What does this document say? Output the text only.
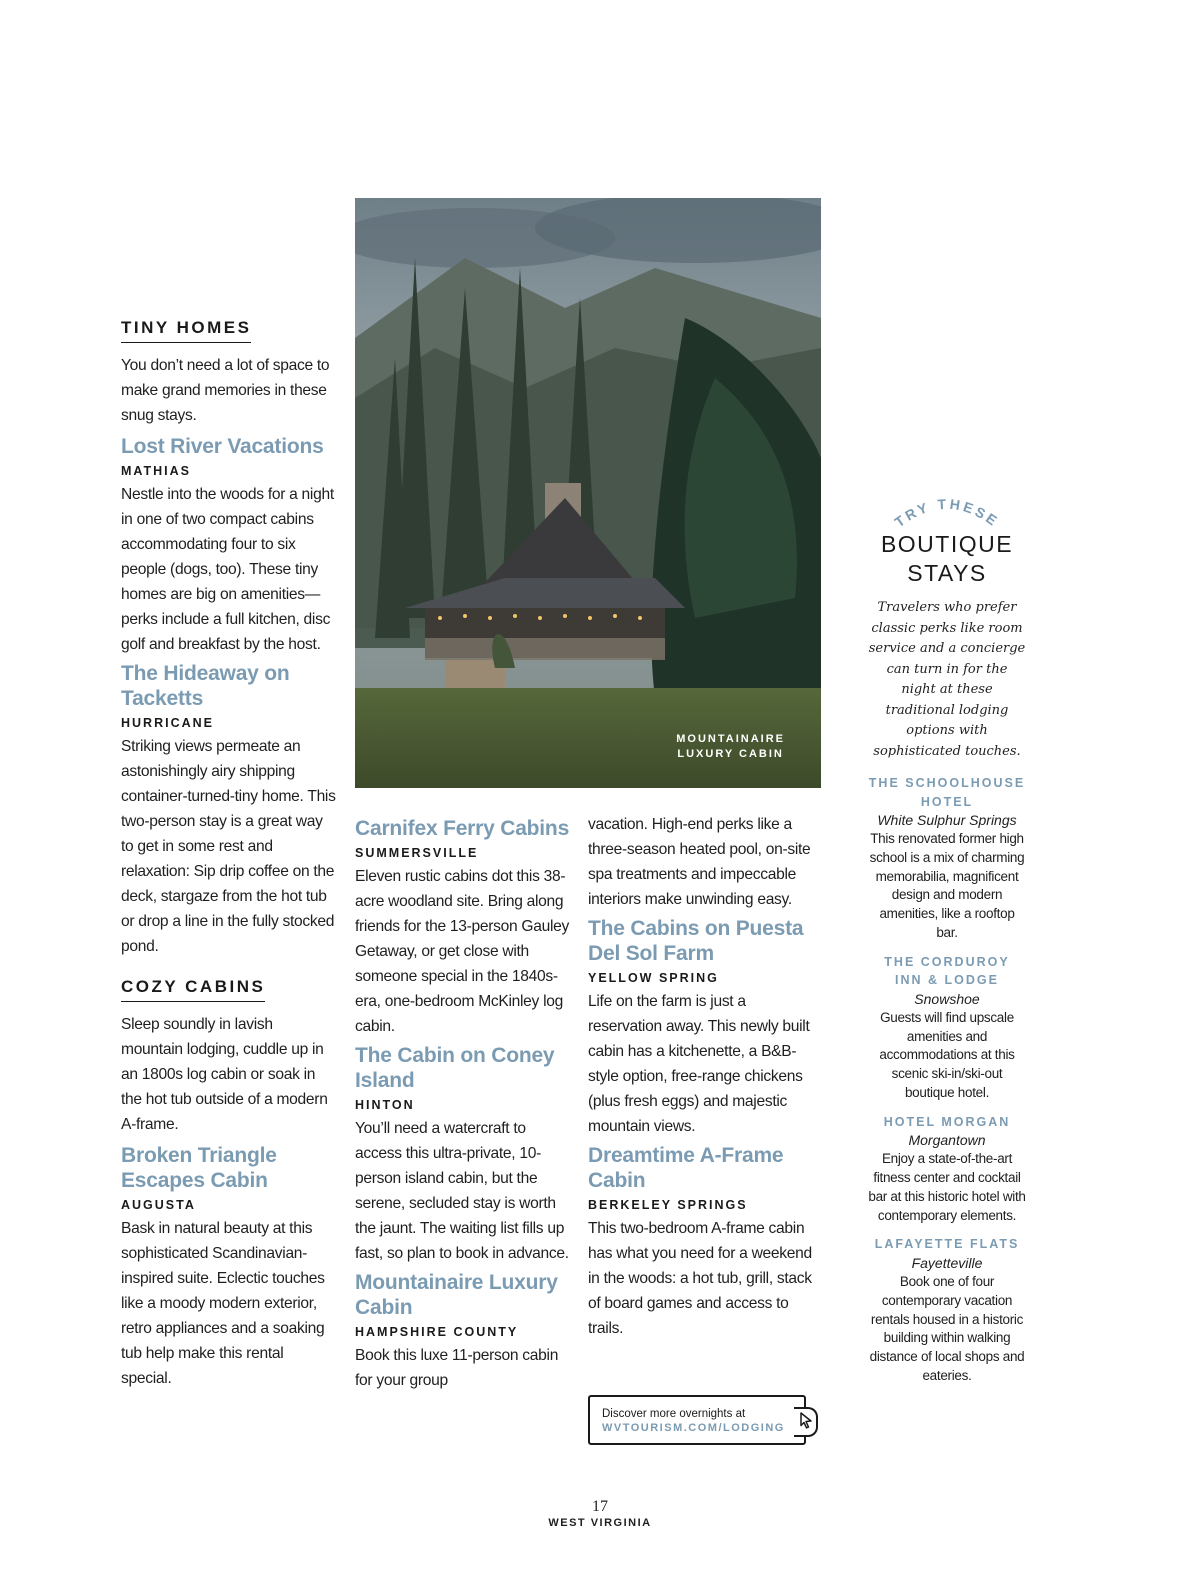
TINY HOMES

You don’t need a lot of space to make grand memories in these snug stays.

Lost River Vacations
MATHIAS

Nestle into the woods for a night in one of two compact cabins accommodating four to six people (dogs, too). These tiny homes are big on amenities—perks include a full kitchen, disc golf and breakfast by the host.

The Hideaway on Tacketts
HURRICANE

Striking views permeate an astonishingly airy shipping container-turned-tiny home. This two-person stay is a great way to get in some rest and relaxation: Sip drip coffee on the deck, stargaze from the hot tub or drop a line in the fully stocked pond.

COZY CABINS

Sleep soundly in lavish mountain lodging, cuddle up in an 1800s log cabin or soak in the hot tub outside of a modern A-frame.

Broken Triangle Escapes Cabin
AUGUSTA

Bask in natural beauty at this sophisticated Scandinavian-inspired suite. Eclectic touches like a moody modern exterior, retro appliances and a soaking tub help make this rental special.

MOUNTAINAIRE
LUXURY CABIN
Carnifex Ferry Cabins
SUMMERSVILLE

Eleven rustic cabins dot this 38-acre woodland site. Bring along friends for the 13-person Gauley Getaway, or get close with someone special in the 1840s-era, one-bedroom McKinley log cabin.

The Cabin on Coney Island
HINTON

You’ll need a watercraft to access this ultra-private, 10-person island cabin, but the serene, secluded stay is worth the jaunt. The waiting list fills up fast, so plan to book in advance.

Mountainaire Luxury Cabin
HAMPSHIRE COUNTY

Book this luxe 11-person cabin for your group

vacation. High-end perks like a three-season heated pool, on-site spa treatments and impeccable interiors make unwinding easy.

The Cabins on Puesta Del Sol Farm
YELLOW SPRING

Life on the farm is just a reservation away. This newly built cabin has a kitchenette, a B&B-style option, free-range chickens (plus fresh eggs) and majestic mountain views.

Dreamtime A-Frame Cabin
BERKELEY SPRINGS

This two-bedroom A-frame cabin has what you need for a weekend in the woods: a hot tub, grill, stack of board games and access to trails.

Discover more overnights at
WVTOURISM.COM/LODGING
TRY THESE
BOUTIQUE
STAYS

Travelers who prefer classic perks like room service and a concierge can turn in for the night at these traditional lodging options with sophisticated touches.

THE SCHOOLHOUSE HOTEL
White Sulphur Springs

This renovated former high school is a mix of charming memorabilia, magnificent design and modern amenities, like a rooftop bar.

THE CORDUROY INN & LODGE
Snowshoe

Guests will find upscale amenities and accommodations at this scenic ski-in/ski-out boutique hotel.

HOTEL MORGAN
Morgantown

Enjoy a state-of-the-art fitness center and cocktail bar at this historic hotel with contemporary elements.

LAFAYETTE FLATS
Fayetteville

Book one of four contemporary vacation rentals housed in a historic building within walking distance of local shops and eateries.

17
WEST VIRGINIA
